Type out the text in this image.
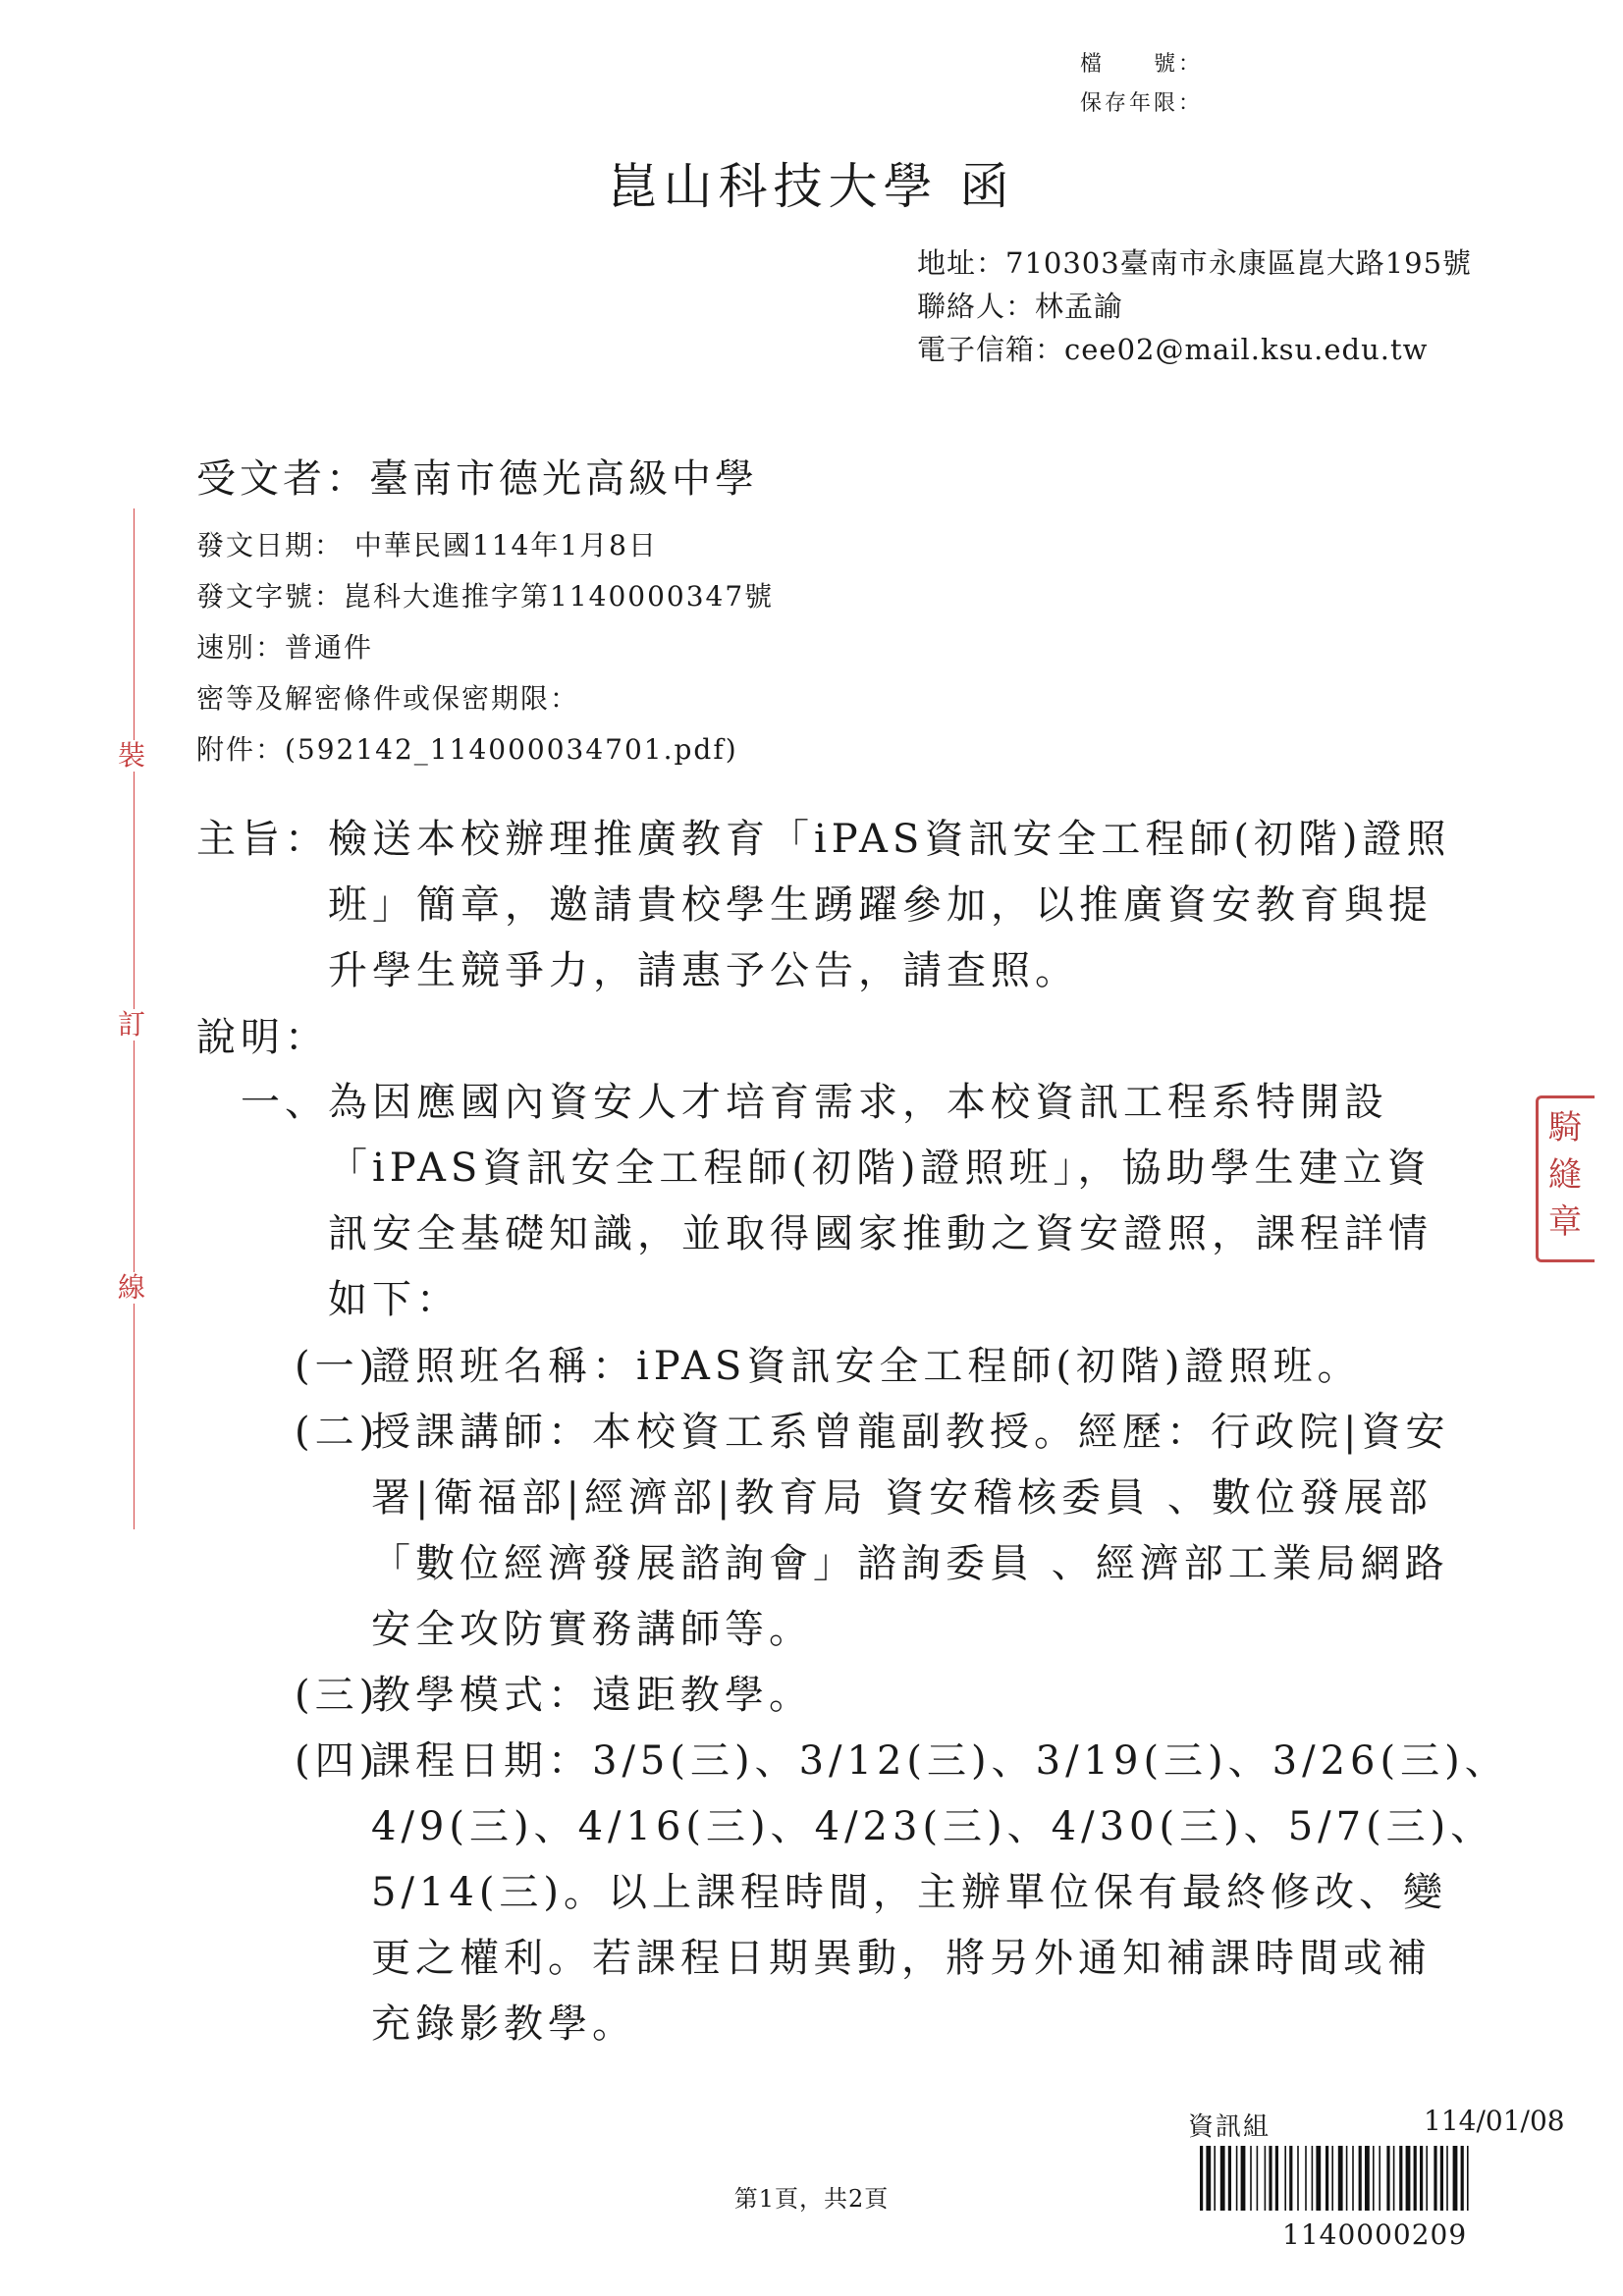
檔　　號：
保存年限：
崑山科技大學 函
地址：710303臺南市永康區崑大路195號
聯絡人：林孟諭
電子信箱：cee02@mail.ksu.edu.tw
受文者：臺南市德光高級中學
發文日期： 中華民國114年1月8日
發文字號：崑科大進推字第1140000347號
速別：普通件
密等及解密條件或保密期限：
附件：(592142_114000034701.pdf)
裝
訂
線
主旨： 檢送本校辦理推廣教育「iPAS資訊安全工程師(初階)證照
班」簡章，邀請貴校學生踴躍參加，以推廣資安教育與提
升學生競爭力，請惠予公告，請查照。
說明：
一、 為因應國內資安人才培育需求，本校資訊工程系特開設
「iPAS資訊安全工程師(初階)證照班」，協助學生建立資
訊安全基礎知識，並取得國家推動之資安證照，課程詳情
如下：
(一)
證照班名稱：iPAS資訊安全工程師(初階)證照班。
(二)
授課講師：本校資工系曾龍副教授。經歷：行政院|資安
署|衛福部|經濟部|教育局 資安稽核委員 、數位發展部
「數位經濟發展諮詢會」諮詢委員 、經濟部工業局網路
安全攻防實務講師等。
(三)
教學模式：遠距教學。
(四)
課程日期：3/5(三)、3/12(三)、3/19(三)、3/26(三)、
4/9(三)、4/16(三)、4/23(三)、4/30(三)、5/7(三)、
5/14(三)。以上課程時間，主辦單位保有最終修改、變
更之權利。若課程日期異動，將另外通知補課時間或補
充錄影教學。
騎
縫
章
第1頁，共2頁
資訊組	114/01/08
1140000209
